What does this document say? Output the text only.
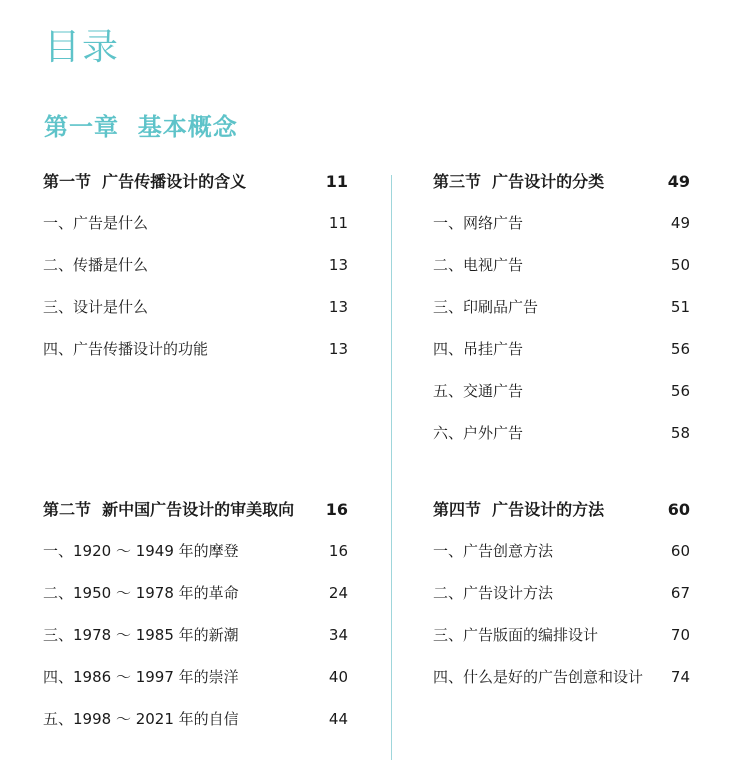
目录
第一章  基本概念
第一节  广告传播设计的含义	11
一、广告是什么	11
二、传播是什么	13
三、设计是什么	13
四、广告传播设计的功能	13
第三节  广告设计的分类	49
一、网络广告	49
二、电视广告	50
三、印刷品广告	51
四、吊挂广告	56
五、交通广告	56
六、户外广告	58
第二节  新中国广告设计的审美取向 16
一、1920 ～ 1949 年的摩登	16
二、1950 ～ 1978 年的革命	24
三、1978 ～ 1985 年的新潮	34
四、1986 ～ 1997 年的崇洋	40
五、1998 ～ 2021 年的自信	44
第四节  广告设计的方法	60
一、广告创意方法	60
二、广告设计方法	67
三、广告版面的编排设计	70
四、什么是好的广告创意和设计 74
